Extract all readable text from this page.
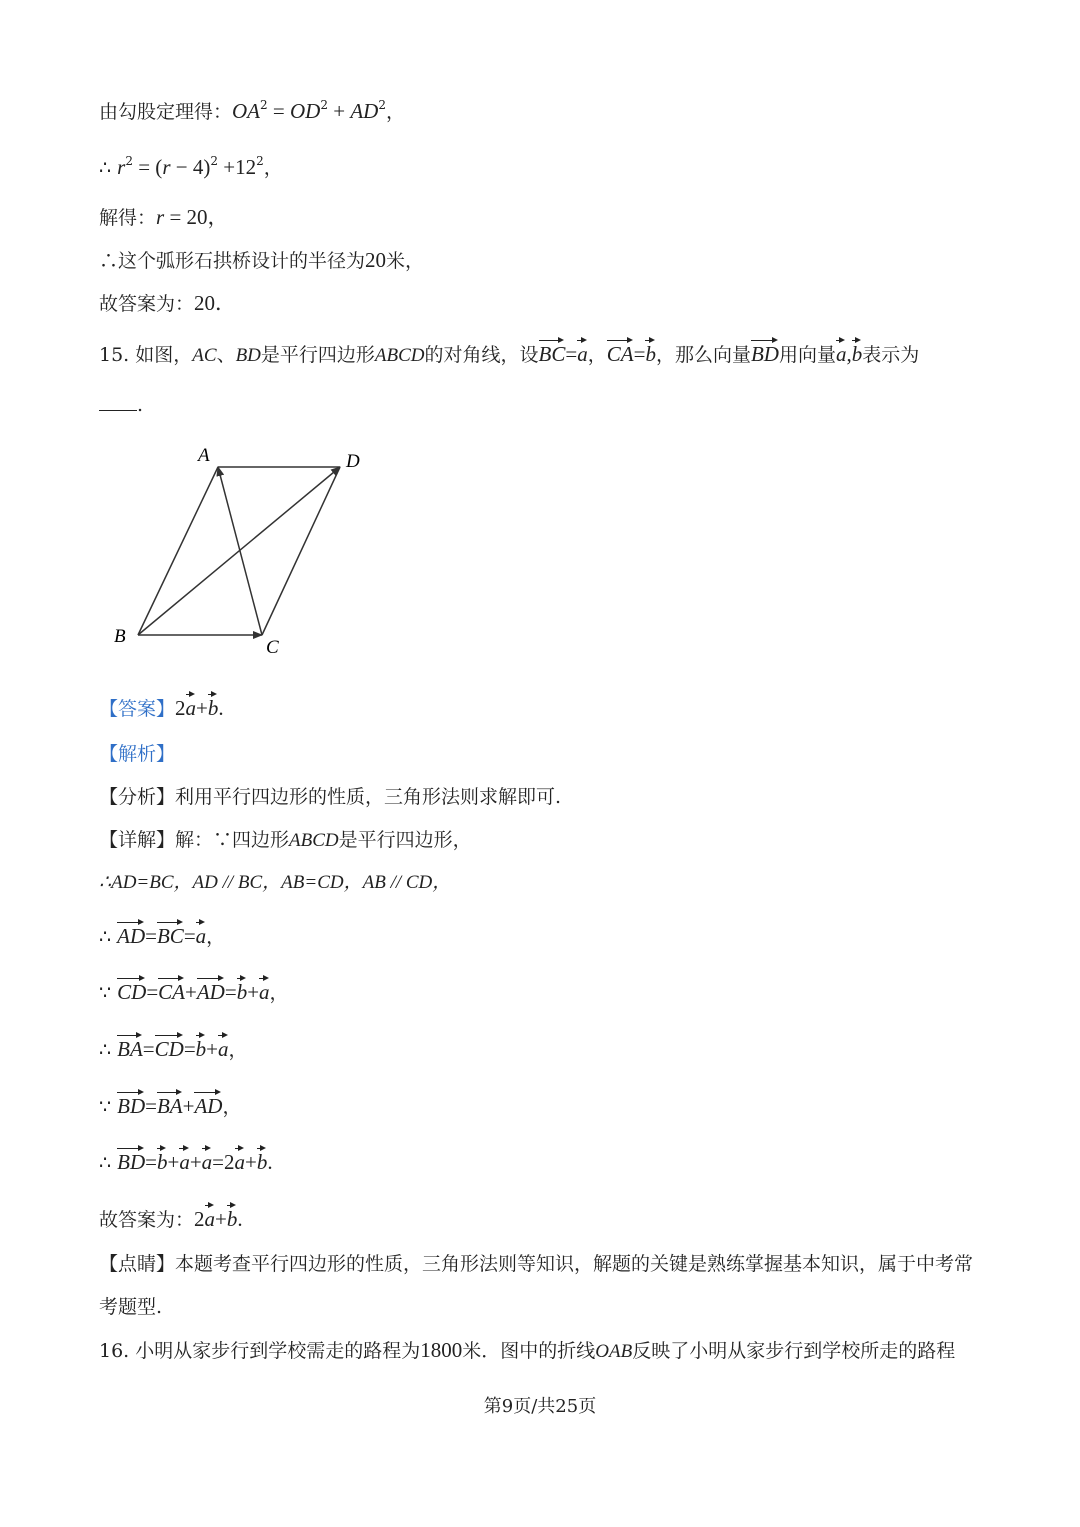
由勾股定理得：$OA^2 = OD^2 + AD^2$，
∴ $r^2 = (r - 4)^2 +12^2$，
解得：r = 20，
∴这个弧形石拱桥设计的半径为20米，
故答案为：20．
15. 如图，AC、BD是平行四边形ABCD的对角线，设BC=a，CA=b，那么向量BD用向量a,b表示为
.
A	D
B
C
【答案】2a+b.
【解析】
【分析】利用平行四边形的性质，三角形法则求解即可.
【详解】解：∵四边形ABCD是平行四边形，
∴AD=BC，AD // BC，AB=CD，AB // CD，
∴ AD=BC=a，
∵ CD=CA+AD=b+a，
∴ BA=CD=b+a，
∵ BD=BA+AD，
∴ BD=b+a+a=2a+b.
故答案为：2a+b.
【点睛】本题考查平行四边形的性质，三角形法则等知识，解题的关键是熟练掌握基本知识，属于中考常
考题型.
16. 小明从家步行到学校需走的路程为1800米．图中的折线OAB反映了小明从家步行到学校所走的路程
第9页/共25页
